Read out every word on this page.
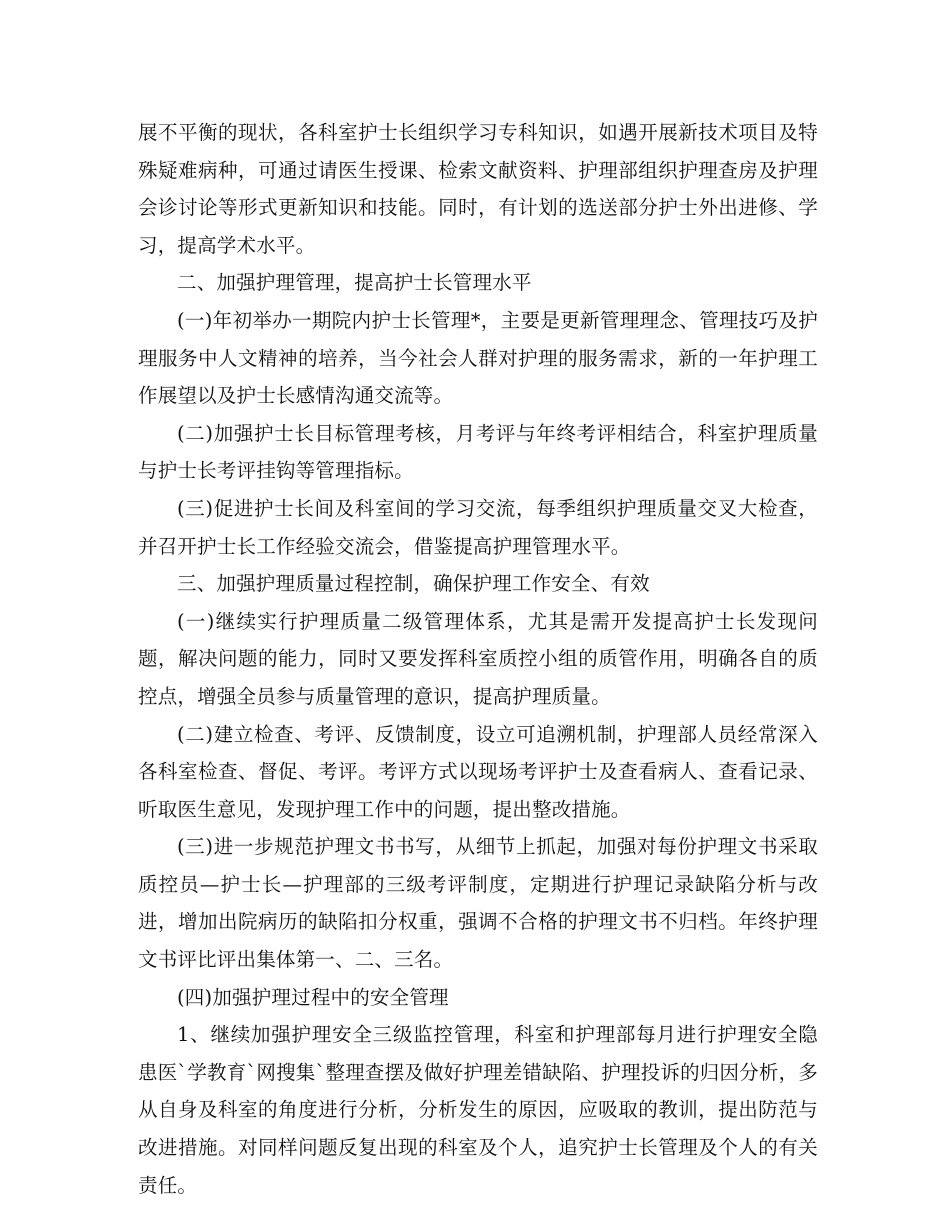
展不平衡的现状，各科室护士长组织学习专科知识，如遇开展新技术项目及特殊疑难病种，可通过请医生授课、检索文献资料、护理部组织护理查房及护理会诊讨论等形式更新知识和技能。同时，有计划的选送部分护士外出进修、学习，提高学术水平。

二、加强护理管理，提高护士长管理水平

(一)年初举办一期院内护士长管理*，主要是更新管理理念、管理技巧及护理服务中人文精神的培养，当今社会人群对护理的服务需求，新的一年护理工作展望以及护士长感情沟通交流等。

(二)加强护士长目标管理考核，月考评与年终考评相结合，科室护理质量与护士长考评挂钩等管理指标。

(三)促进护士长间及科室间的学习交流，每季组织护理质量交叉大检查，并召开护士长工作经验交流会，借鉴提高护理管理水平。

三、加强护理质量过程控制，确保护理工作安全、有效

(一)继续实行护理质量二级管理体系，尤其是需开发提高护士长发现问题，解决问题的能力，同时又要发挥科室质控小组的质管作用，明确各自的质控点，增强全员参与质量管理的意识，提高护理质量。

(二)建立检查、考评、反馈制度，设立可追溯机制，护理部人员经常深入各科室检查、督促、考评。考评方式以现场考评护士及查看病人、查看记录、听取医生意见，发现护理工作中的问题，提出整改措施。

(三)进一步规范护理文书书写，从细节上抓起，加强对每份护理文书采取质控员—护士长—护理部的三级考评制度，定期进行护理记录缺陷分析与改进，增加出院病历的缺陷扣分权重，强调不合格的护理文书不归档。年终护理文书评比评出集体第一、二、三名。

(四)加强护理过程中的安全管理

1、继续加强护理安全三级监控管理，科室和护理部每月进行护理安全隐患医`学教育`网搜集`整理查摆及做好护理差错缺陷、护理投诉的归因分析，多从自身及科室的角度进行分析，分析发生的原因，应吸取的教训，提出防范与改进措施。对同样问题反复出现的科室及个人，追究护士长管理及个人的有关责任。
